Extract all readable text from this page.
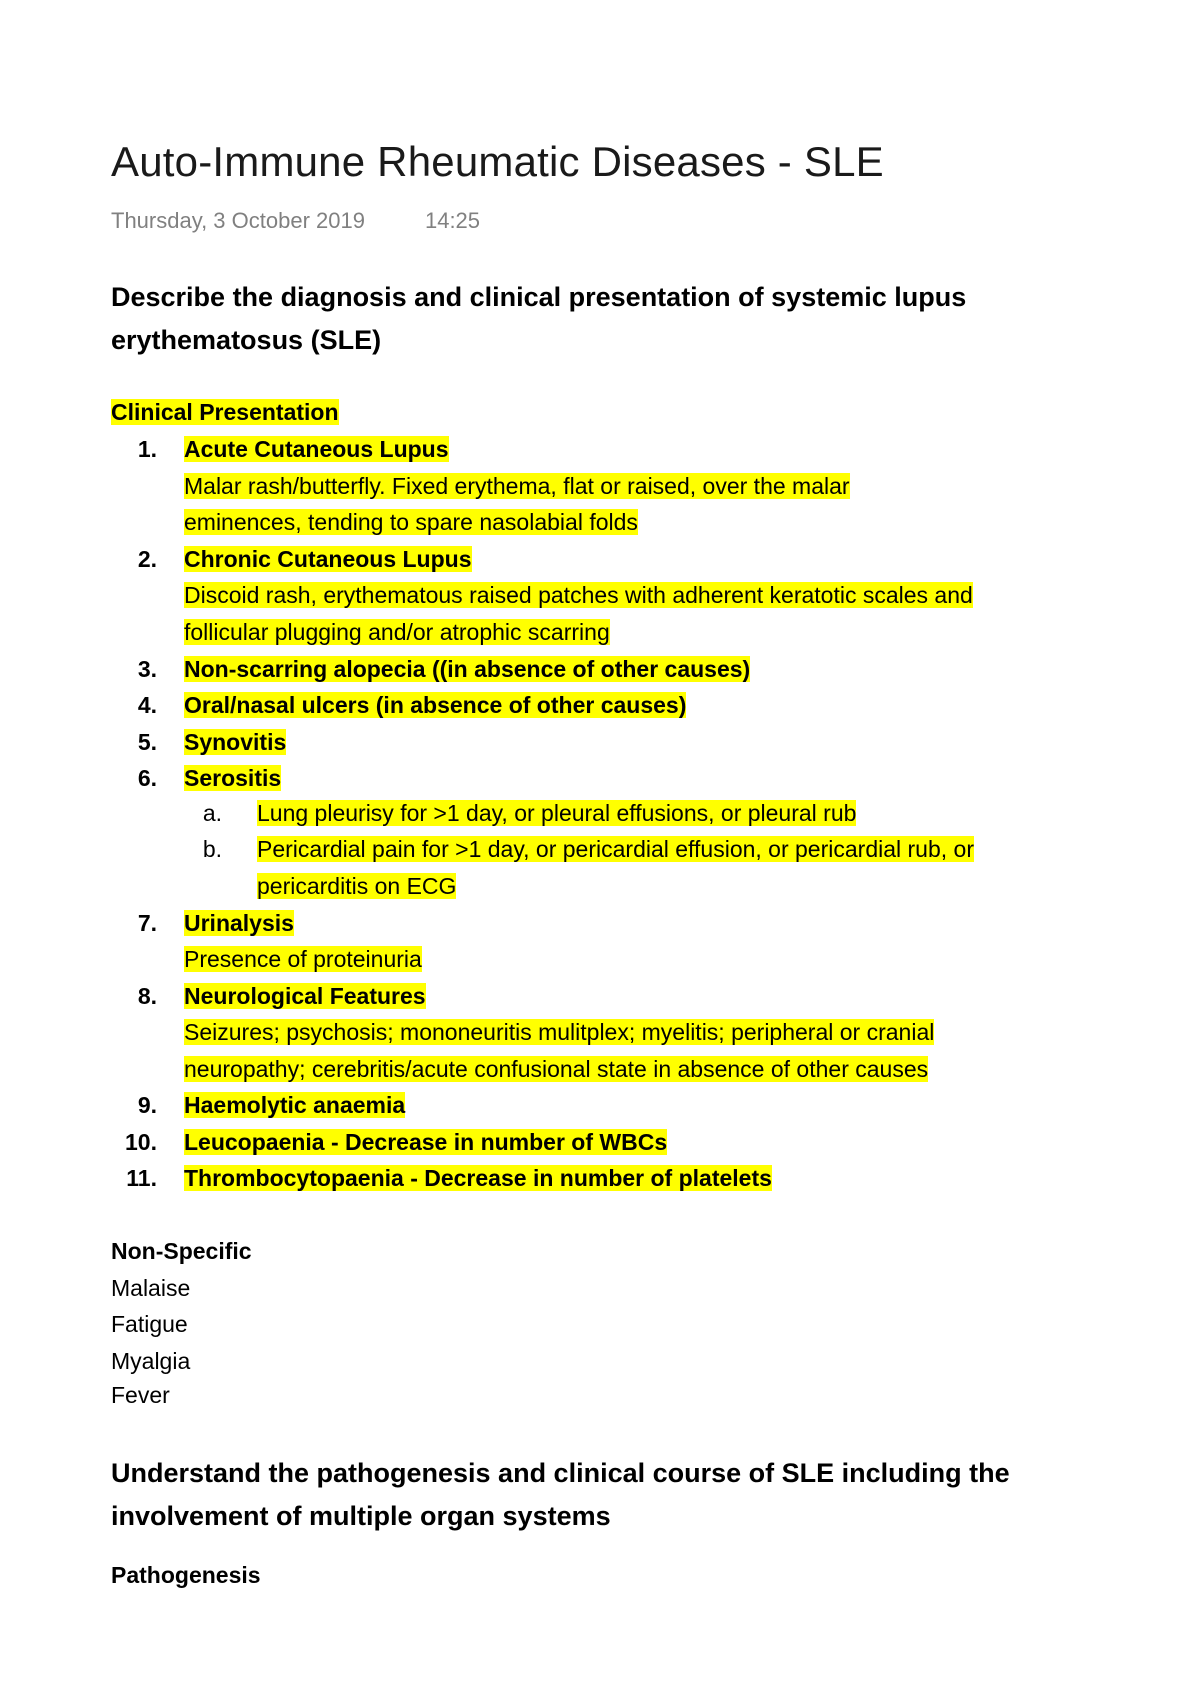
Auto-Immune Rheumatic Diseases - SLE
Thursday, 3 October 2019	14:25
Describe the diagnosis and clinical presentation of systemic lupus
erythematosus (SLE)
Clinical Presentation
1. Acute Cutaneous Lupus
Malar rash/butterfly. Fixed erythema, flat or raised, over the malar
eminences, tending to spare nasolabial folds
2. Chronic Cutaneous Lupus
Discoid rash, erythematous raised patches with adherent keratotic scales and
follicular plugging and/or atrophic scarring
3. Non-scarring alopecia ((in absence of other causes)
4. Oral/nasal ulcers (in absence of other causes)
5. Synovitis
6. Serositis
a. Lung pleurisy for >1 day, or pleural effusions, or pleural rub
b. Pericardial pain for >1 day, or pericardial effusion, or pericardial rub, or
pericarditis on ECG
7. Urinalysis
Presence of proteinuria
8. Neurological Features
Seizures; psychosis; mononeuritis mulitplex; myelitis; peripheral or cranial
neuropathy; cerebritis/acute confusional state in absence of other causes
9. Haemolytic anaemia
10. Leucopaenia - Decrease in number of WBCs
11. Thrombocytopaenia - Decrease in number of platelets
Non-Specific
Malaise
Fatigue
Myalgia
Fever
Understand the pathogenesis and clinical course of SLE including the
involvement of multiple organ systems
Pathogenesis
